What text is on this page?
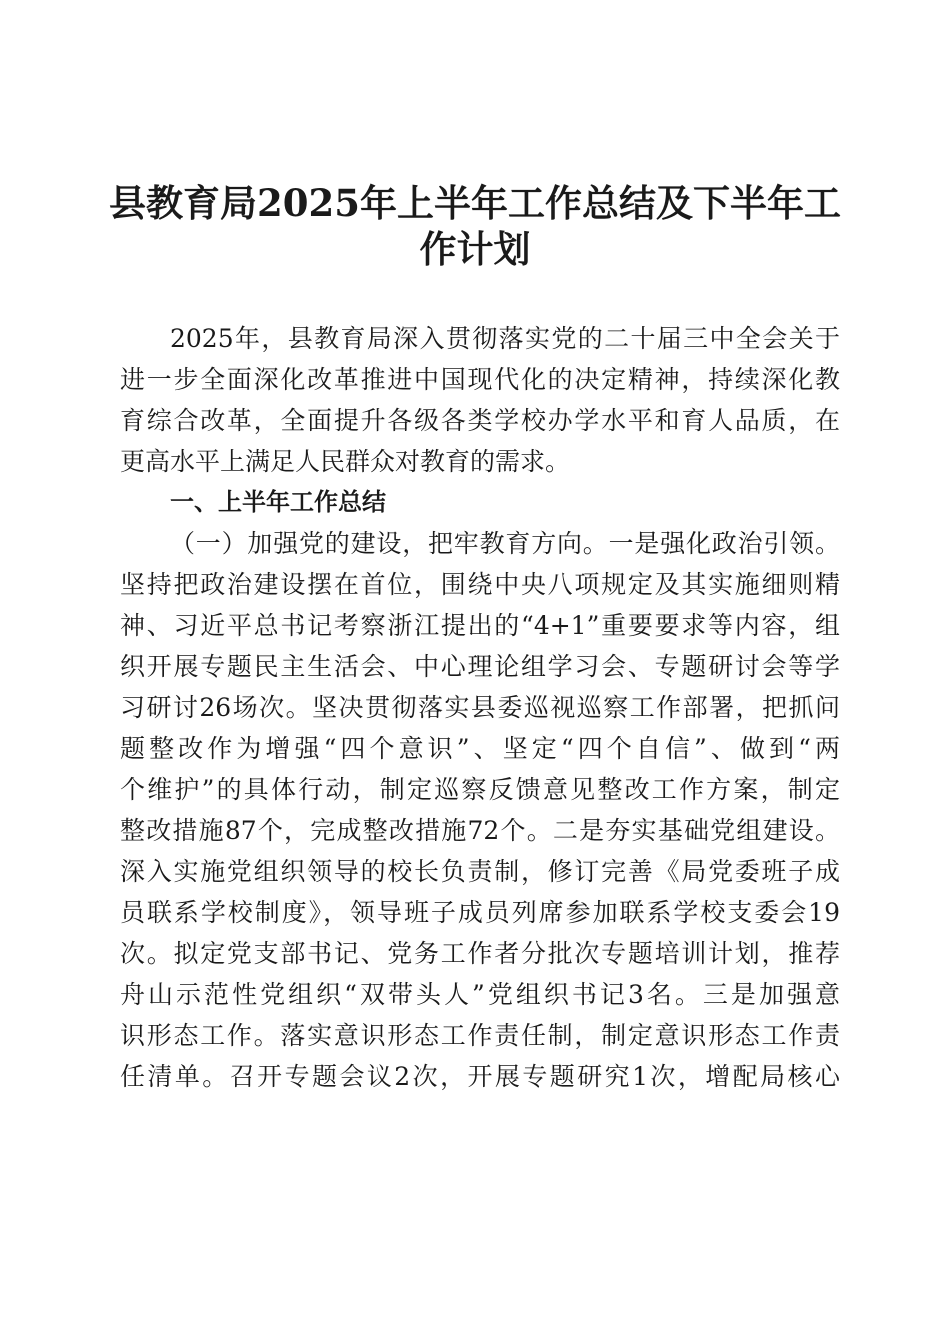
县教育局2025年上半年工作总结及下半年工
作计划
2025年，县教育局深入贯彻落实党的二十届三中全会关于
进一步全面深化改革推进中国现代化的决定精神，持续深化教
育综合改革，全面提升各级各类学校办学水平和育人品质，在
更高水平上满足人民群众对教育的需求。
一、上半年工作总结
（一）加强党的建设，把牢教育方向。一是强化政治引领。
坚持把政治建设摆在首位，围绕中央八项规定及其实施细则精
神、习近平总书记考察浙江提出的“4+1”重要要求等内容，组
织开展专题民主生活会、中心理论组学习会、专题研讨会等学
习研讨26场次。坚决贯彻落实县委巡视巡察工作部署，把抓问
题整改作为增强“四个意识”、坚定“四个自信”、做到“两
个维护”的具体行动，制定巡察反馈意见整改工作方案，制定
整改措施87个，完成整改措施72个。二是夯实基础党组建设。
深入实施党组织领导的校长负责制，修订完善《局党委班子成
员联系学校制度》，领导班子成员列席参加联系学校支委会19
次。拟定党支部书记、党务工作者分批次专题培训计划，推荐
舟山示范性党组织“双带头人”党组织书记3名。三是加强意
识形态工作。落实意识形态工作责任制，制定意识形态工作责
任清单。召开专题会议2次，开展专题研究1次，增配局核心
